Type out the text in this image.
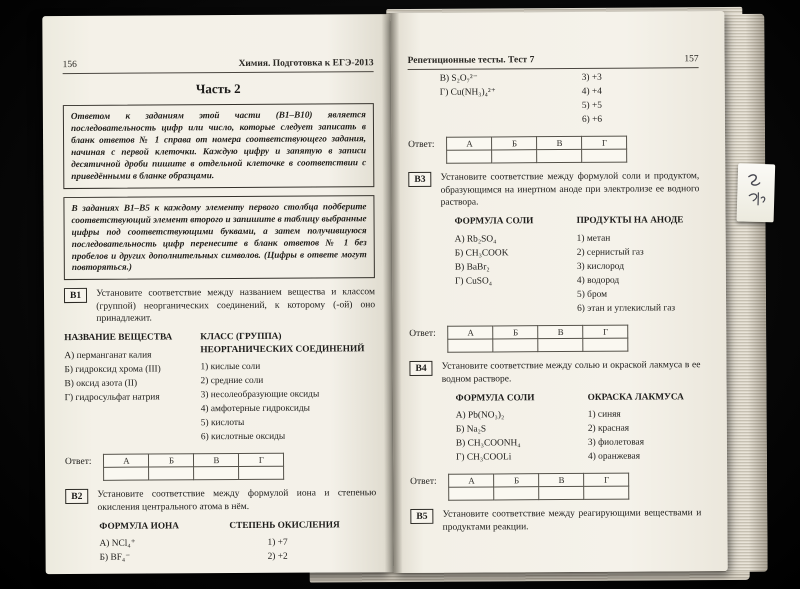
156	Химия. Подготовка к ЕГЭ-2013
Часть 2
Ответом к заданиям этой части (В1–В10) является последовательность цифр или число, которые следует записать в бланк ответов № 1 справа от номера соответствующего задания, начиная с первой клеточки. Каждую цифру и запятую в записи десятичной дроби пишите в отдельной клеточке в соответствии с приведёнными в бланке образцами.
В заданиях В1–В5 к каждому элементу первого столбца подберите соответствующий элемент второго и запишите в таблицу выбранные цифры под соответствующими буквами, а затем получившуюся последовательность цифр перенесите в бланк ответов № 1 без пробелов и других дополнительных символов. (Цифры в ответе могут повторяться.)
В1	Установите соответствие между названием вещества и классом (группой) неорганических соединений, к которому (-ой) оно принадлежит.
НАЗВАНИЕ ВЕЩЕСТВА
А) перманганат калия
Б) гидроксид хрома (III)
В) оксид азота (II)
Г) гидросульфат натрия
КЛАСС (ГРУППА) НЕОРГАНИЧЕСКИХ СОЕДИНЕНИЙ
1) кислые соли
2) средние соли
3) несолеобразующие оксиды
4) амфотерные гидроксиды
5) кислоты
6) кислотные оксиды
Ответ:	А	Б	В	Г

В2	Установите соответствие между формулой иона и степенью окисления центрального атома в нём.
ФОРМУЛА ИОНА
А) NCl₄⁺
Б) BF₄⁻
СТЕПЕНЬ ОКИСЛЕНИЯ
1) +7
2) +2
Репетиционные тесты. Тест 7	157
В) S₂O₇²⁻
Г) Cu(NH₃)₄²⁺
3) +3
4) +4
5) +5
6) +6
Ответ:	А	Б	В	Г

В3	Установите соответствие между формулой соли и продуктом, образующимся на инертном аноде при электролизе ее водного раствора.
ФОРМУЛА СОЛИ
А) Rb₂SO₄
Б) CH₃COOK
В) BaBr₂
Г) CuSO₄
ПРОДУКТЫ НА АНОДЕ
1) метан
2) сернистый газ
3) кислород
4) водород
5) бром
6) этан и углекислый газ
Ответ:	А	Б	В	Г

В4	Установите соответствие между солью и окраской лакмуса в ее водном растворе.
ФОРМУЛА СОЛИ
А) Pb(NO₃)₂
Б) Na₂S
В) CH₃COONH₄
Г) CH₃COOLi
ОКРАСКА ЛАКМУСА
1) синяя
2) красная
3) фиолетовая
4) оранжевая
Ответ:	А	Б	В	Г

В5	Установите соответствие между реагирующими веществами и продуктами реакции.
